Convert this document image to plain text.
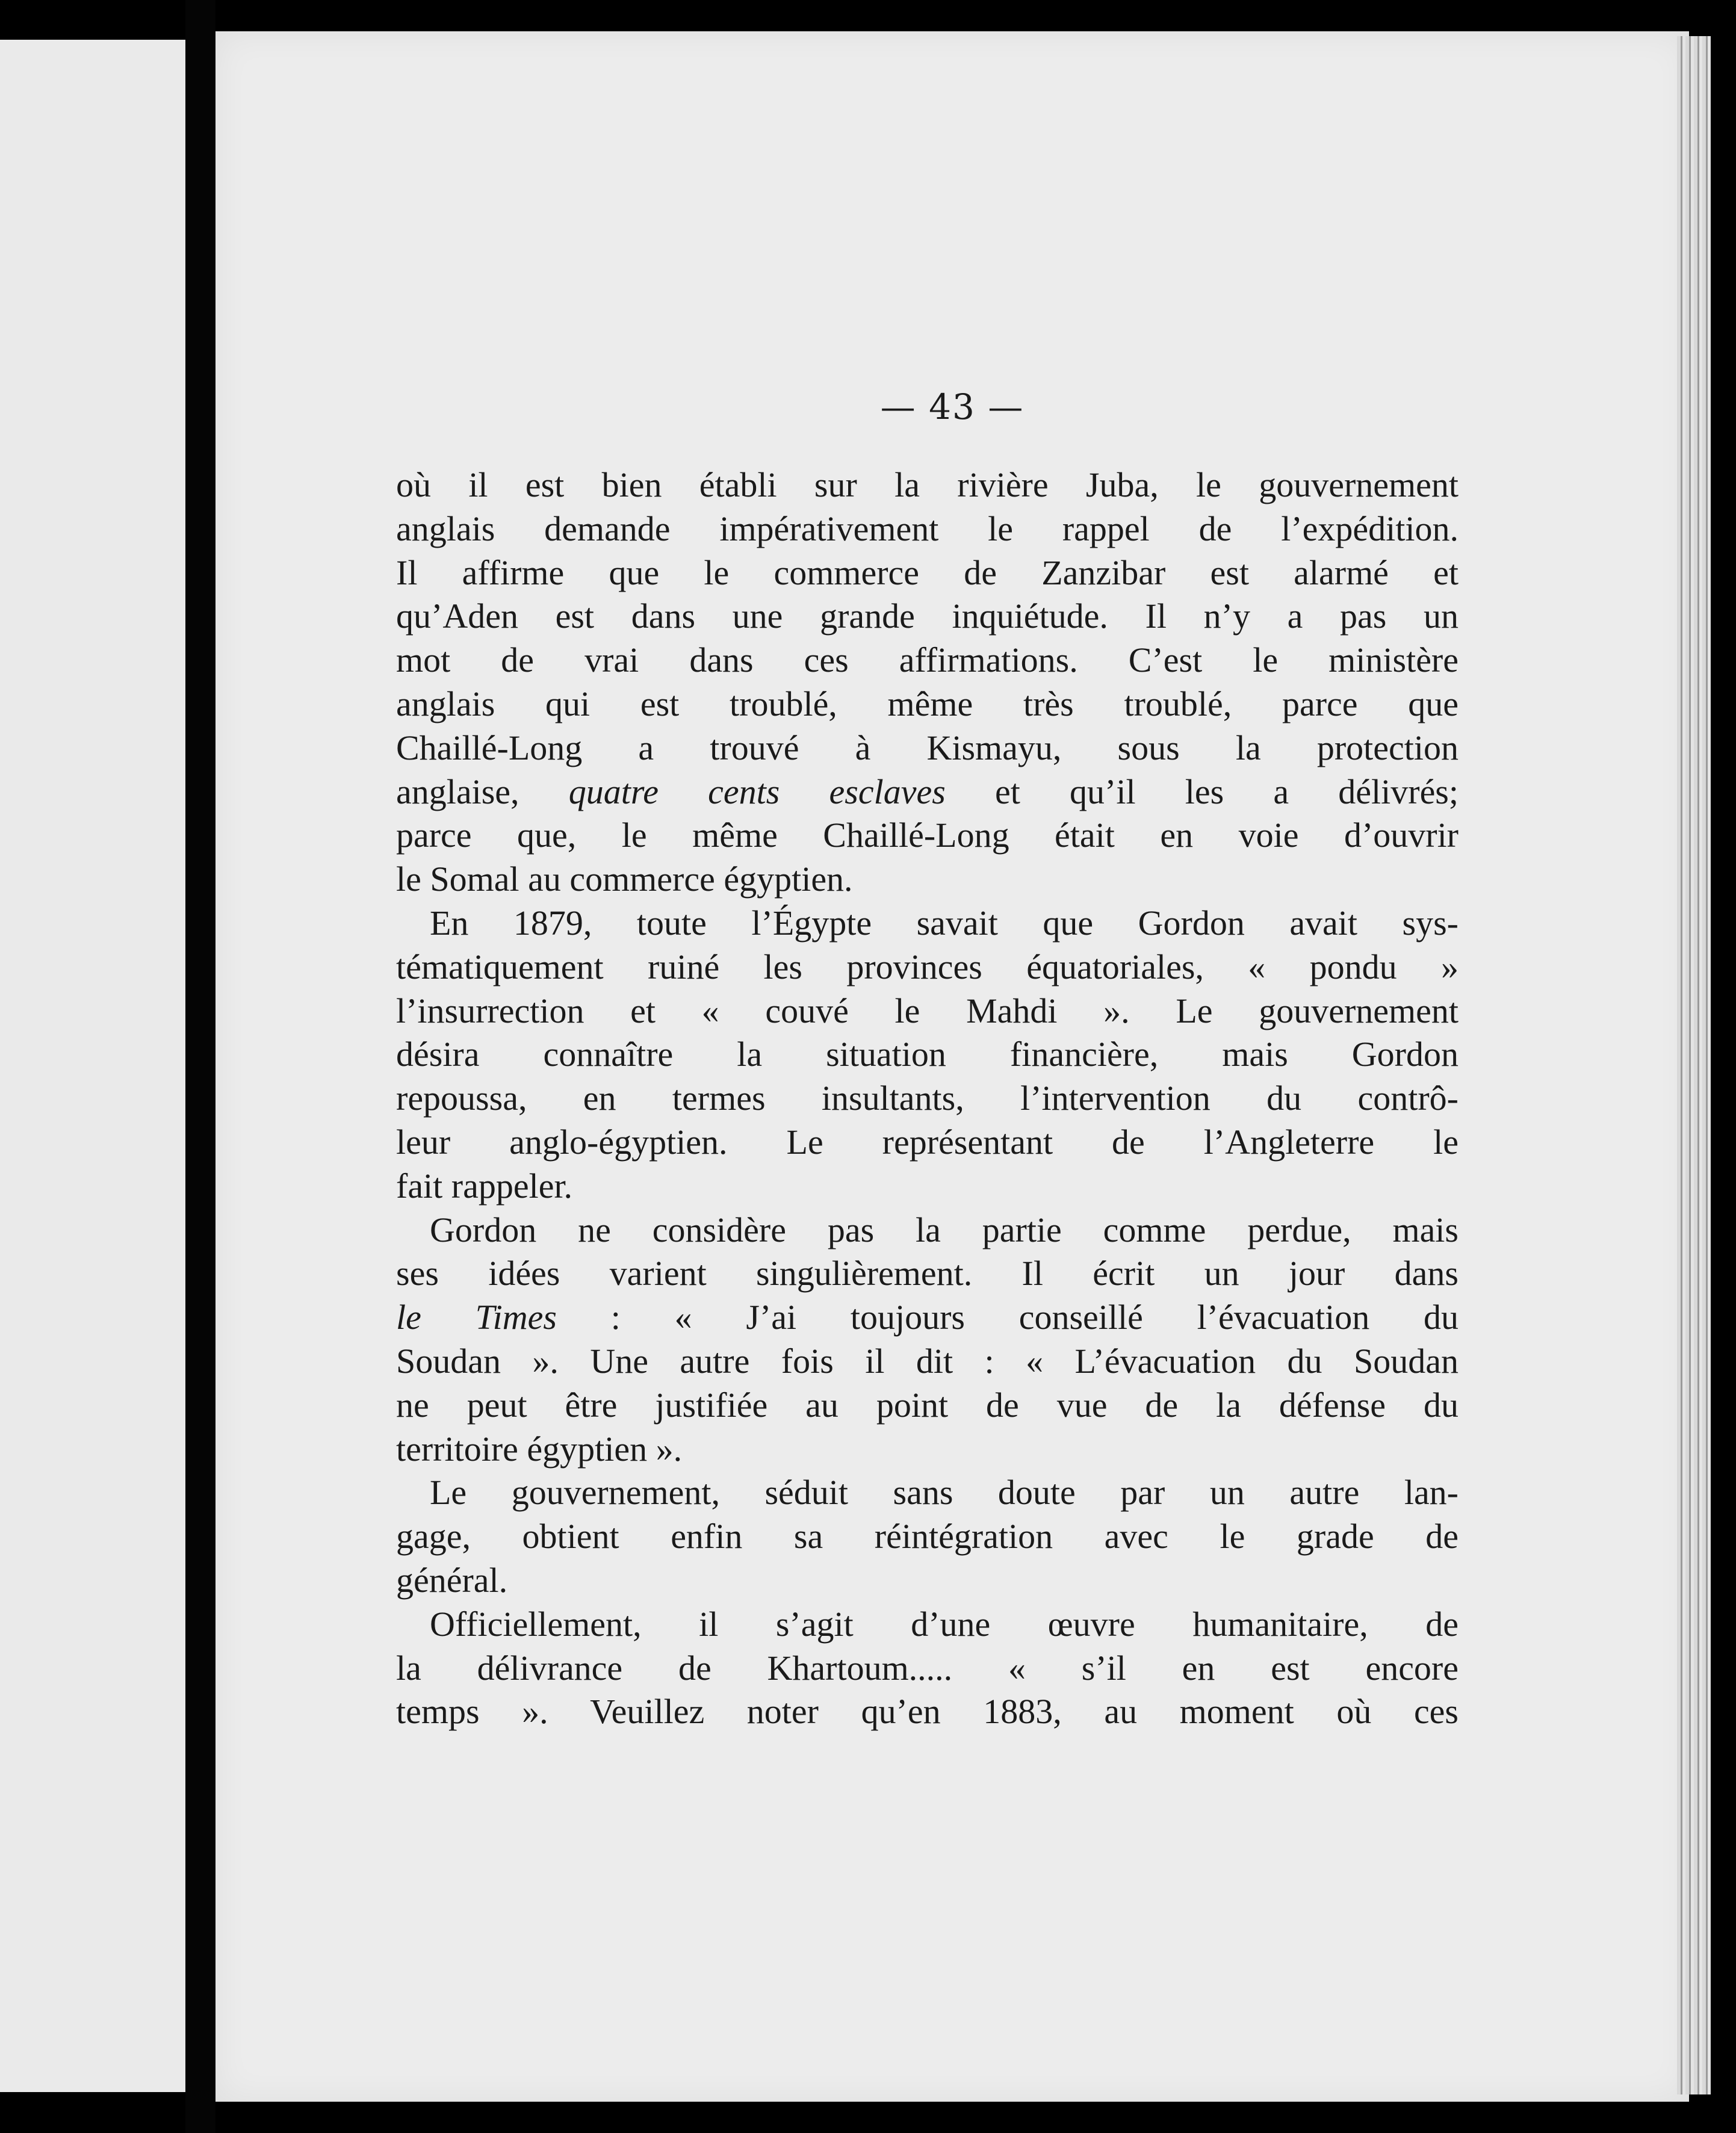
— 43 —
où il est bien établi sur la rivière Juba, le gouvernement
anglais demande impérativement le rappel de l’expédition.
Il affirme que le commerce de Zanzibar est alarmé et
qu’Aden est dans une grande inquiétude. Il n’y a pas un
mot de vrai dans ces affirmations. C’est le ministère
anglais qui est troublé, même très troublé, parce que
Chaillé-Long a trouvé à Kismayu, sous la protection
anglaise, quatre cents esclaves et qu’il les a délivrés;
parce que, le même Chaillé-Long était en voie d’ouvrir
le Somal au commerce égyptien.
En 1879, toute l’Égypte savait que Gordon avait sys-
tématiquement ruiné les provinces équatoriales, « pondu »
l’insurrection et « couvé le Mahdi ». Le gouvernement
désira connaître la situation financière, mais Gordon
repoussa, en termes insultants, l’intervention du contrô-
leur anglo-égyptien. Le représentant de l’Angleterre le
fait rappeler.
Gordon ne considère pas la partie comme perdue, mais
ses idées varient singulièrement. Il écrit un jour dans
le Times : « J’ai toujours conseillé l’évacuation du
Soudan ». Une autre fois il dit : « L’évacuation du Soudan
ne peut être justifiée au point de vue de la défense du
territoire égyptien ».
Le gouvernement, séduit sans doute par un autre lan-
gage, obtient enfin sa réintégration avec le grade de
général.
Officiellement, il s’agit d’une œuvre humanitaire, de
la délivrance de Khartoum..... « s’il en est encore
temps ». Veuillez noter qu’en 1883, au moment où ces
